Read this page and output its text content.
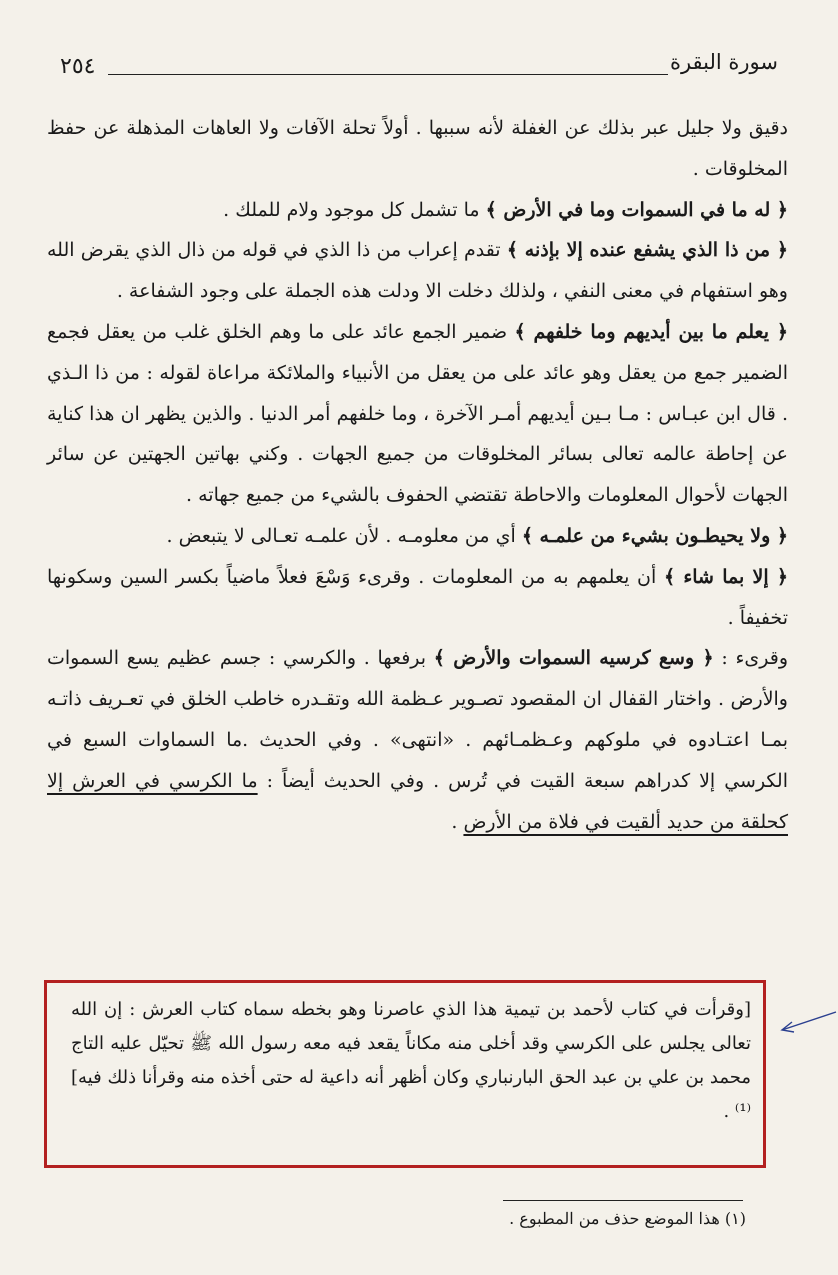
سورة البقرة
٢٥٤

دقيق ولا جليل عبر بذلك عن الغفلة لأنه سببها . أولاً تحلة الآفات ولا العاهات المذهلة عن حفظ المخلوقات .

﴿ له ما في السموات وما في الأرض ﴾ ما تشمل كل موجود ولام للملك .

﴿ من ذا الذي يشفع عنده إلا بإذنه ﴾ تقدم إعراب من ذا الذي في قوله من ذال الذي يقرض الله وهو استفهام في معنى النفي ، ولذلك دخلت الا ودلت هذه الجملة على وجود الشفاعة .

﴿ يعلم ما بين أيديهم وما خلفهم ﴾ ضمير الجمع عائد على ما وهم الخلق غلب من يعقل فجمع الضمير جمع من يعقل وهو عائد على من يعقل من الأنبياء والملائكة مراعاة لقوله : من ذا الـذي . قال ابن عبـاس : مـا بـين أيديهم أمـر الآخرة ، وما خلفهم أمر الدنيا . والذين يظهر ان هذا كناية عن إحاطة عالمه تعالى بسائر المخلوقات من جميع الجهات . وكني بهاتين الجهتين عن سائر الجهات لأحوال المعلومات والاحاطة تقتضي الحفوف بالشيء من جميع جهاته .

﴿ ولا يحيطـون بشيء من علمـه ﴾ أي من معلومـه . لأن علمـه تعـالى لا يتبعض .

﴿ إلا بما شاء ﴾ أن يعلمهم به من المعلومات . وقرىء وَسْعَ فعلاً ماضياً بكسر السين وسكونها تخفيفاً .

وقرىء : ﴿ وسع كرسيه السموات والأرض ﴾ برفعها . والكرسي : جسم عظيم يسع السموات والأرض . واختار القفال ان المقصود تصـوير عـظمة الله وتقـدره خاطب الخلق في تعـريف ذاتـه بمـا اعتـادوه في ملوكهم وعـظمـائهم . «انتهى» . وفي الحديث .ما السماوات السبع في الكرسي إلا كدراهم سبعة القيت في تُرس . وفي الحديث أيضاً : ما الكرسي في العرش إلا كحلقة من حديد ألقيت في فلاة من الأرض .

[وقرأت في كتاب لأحمد بن تيمية هذا الذي عاصرنا وهو بخطه سماه كتاب العرش : إن الله تعالى يجلس على الكرسي وقد أخلى منه مكاناً يقعد فيه معه رسول الله ﷺ تحيّل عليه التاج محمد بن علي بن عبد الحق البارنباري وكان أظهر أنه داعية له حتى أخذه منه وقرأنا ذلك فيه]⁽¹⁾ .

(١) هذا الموضع حذف من المطبوع .
